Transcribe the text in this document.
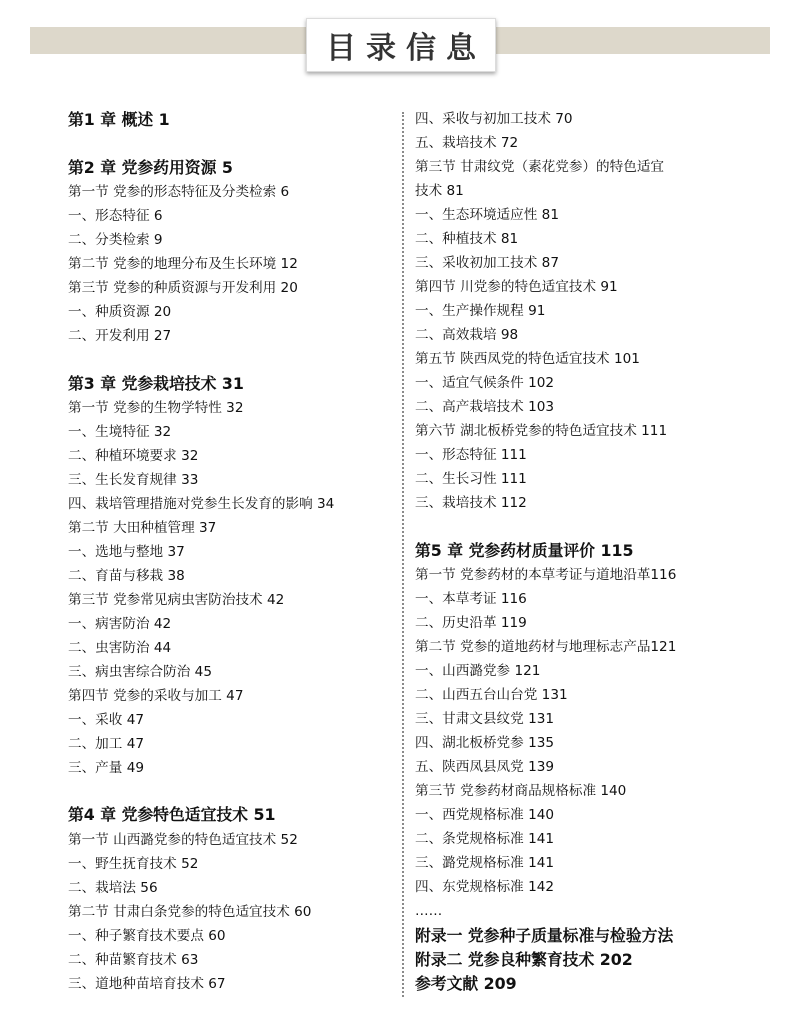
目录信息
第1 章 概述 1
第2 章 党参药用资源 5
第一节 党参的形态特征及分类检索 6
一、形态特征 6
二、分类检索 9
第二节 党参的地理分布及生长环境 12
第三节 党参的种质资源与开发利用 20
一、种质资源 20
二、开发利用 27
第3 章 党参栽培技术 31
第一节 党参的生物学特性 32
一、生境特征 32
二、种植环境要求 32
三、生长发育规律 33
四、栽培管理措施对党参生长发育的影响 34
第二节 大田种植管理 37
一、选地与整地 37
二、育苗与移栽 38
第三节 党参常见病虫害防治技术 42
一、病害防治 42
二、虫害防治 44
三、病虫害综合防治 45
第四节 党参的采收与加工 47
一、采收 47
二、加工 47
三、产量 49
第4 章 党参特色适宜技术 51
第一节 山西潞党参的特色适宜技术 52
一、野生抚育技术 52
二、栽培法 56
第二节 甘肃白条党参的特色适宜技术 60
一、种子繁育技术要点 60
二、种苗繁育技术 63
三、道地种苗培育技术 67
四、采收与初加工技术 70
五、栽培技术 72
第三节 甘肃纹党（素花党参）的特色适宜
技术 81
一、生态环境适应性 81
二、种植技术 81
三、采收初加工技术 87
第四节 川党参的特色适宜技术 91
一、生产操作规程 91
二、高效栽培 98
第五节 陕西凤党的特色适宜技术 101
一、适宜气候条件 102
二、高产栽培技术 103
第六节 湖北板桥党参的特色适宜技术 111
一、形态特征 111
二、生长习性 111
三、栽培技术 112
第5 章 党参药材质量评价 115
第一节 党参药材的本草考证与道地沿革116
一、本草考证 116
二、历史沿革 119
第二节 党参的道地药材与地理标志产品121
一、山西潞党参 121
二、山西五台山台党 131
三、甘肃文县纹党 131
四、湖北板桥党参 135
五、陕西凤县凤党 139
第三节 党参药材商品规格标准 140
一、西党规格标准 140
二、条党规格标准 141
三、潞党规格标准 141
四、东党规格标准 142
……
附录一 党参种子质量标准与检验方法
附录二 党参良种繁育技术 202
参考文献 209
